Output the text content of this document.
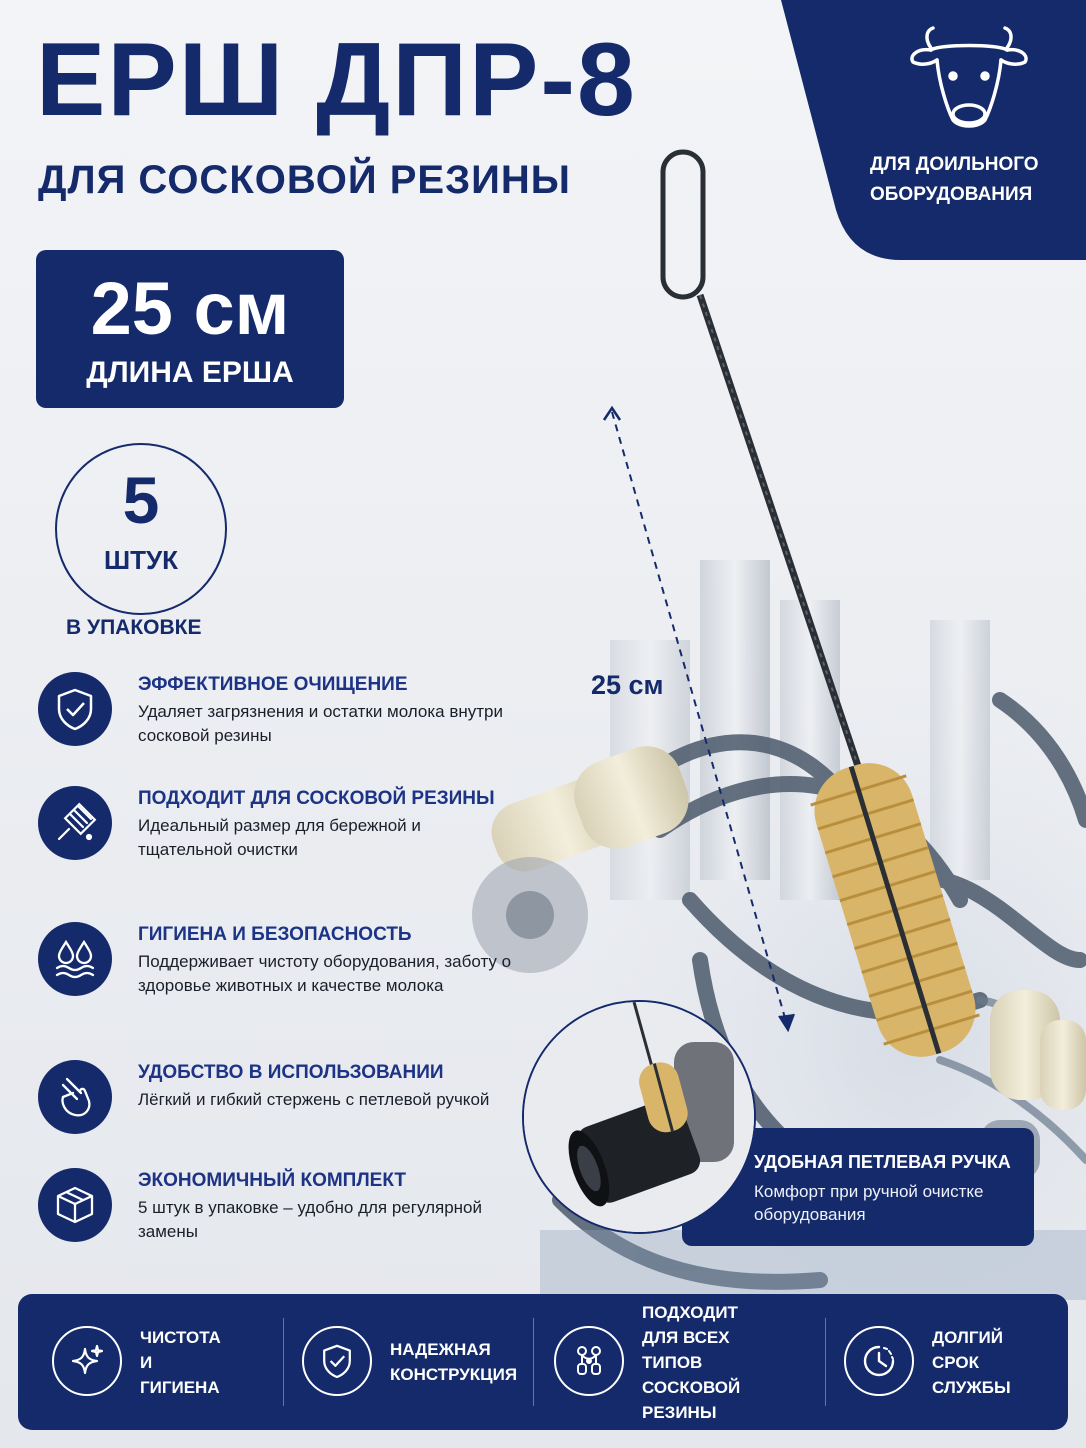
ЕРШ ДПР-8
ДЛЯ СОСКОВОЙ РЕЗИНЫ	ДЛЯ ДОИЛЬНОГО ОБОРУДОВАНИЯ
25 см
ДЛИНА ЕРША
5
ШТУК
В УПАКОВКЕ
ЭФФЕКТИВНОЕ ОЧИЩЕНИЕ
Удаляет загрязнения и остатки молока внутри сосковой резины
ПОДХОДИТ ДЛЯ СОСКОВОЙ РЕЗИНЫ
Идеальный размер для бережной и тщательной очистки
ГИГИЕНА И БЕЗОПАСНОСТЬ
Поддерживает чистоту оборудования, заботу о здоровье животных и качестве молока
УДОБСТВО В ИСПОЛЬЗОВАНИИ
Лёгкий и гибкий стержень с петлевой ручкой
ЭКОНОМИЧНЫЙ КОМПЛЕКТ
5 штук в упаковке – удобно для регулярной замены
25 см
УДОБНАЯ ПЕТЛЕВАЯ РУЧКА
Комфорт при ручной очистке оборудования
ЧИСТОТА
И ГИГИЕНА
НАДЕЖНАЯ
КОНСТРУКЦИЯ
ПОДХОДИТ ДЛЯ ВСЕХ
ТИПОВ СОСКОВОЙ
РЕЗИНЫ
ДОЛГИЙ СРОК
СЛУЖБЫ
